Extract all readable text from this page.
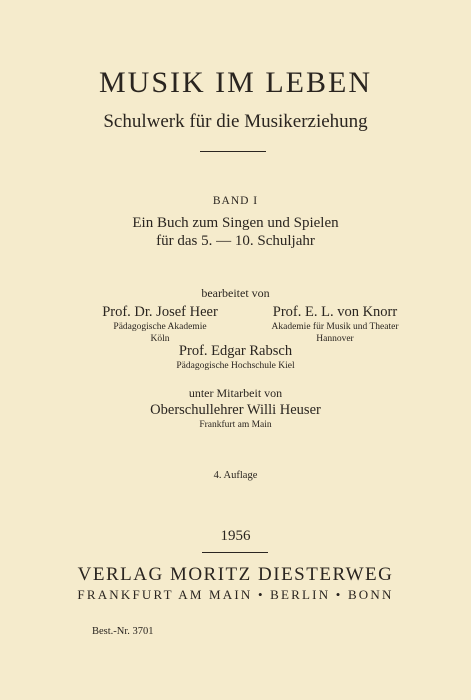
MUSIK IM LEBEN
Schulwerk für die Musikerziehung
BAND I
Ein Buch zum Singen und Spielen
für das 5. — 10. Schuljahr
bearbeitet von
Prof. Dr. Josef Heer
Pädagogische Akademie
Köln
Prof. E. L. von Knorr
Akademie für Musik und Theater
Hannover
Prof. Edgar Rabsch
Pädagogische Hochschule Kiel
unter Mitarbeit von
Oberschullehrer Willi Heuser
Frankfurt am Main
4. Auflage
1956
VERLAG MORITZ DIESTERWEG
FRANKFURT AM MAIN • BERLIN • BONN
Best.-Nr. 3701
